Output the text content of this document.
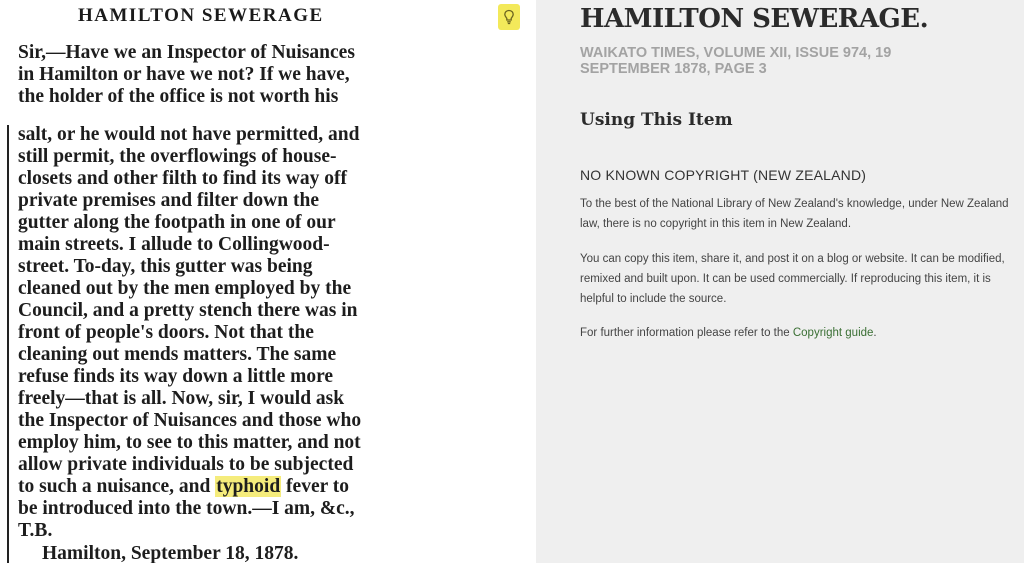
HAMILTON SEWERAGE
Sir,—Have we an Inspector of Nuisances
in Hamilton or have we not? If we have,
the holder of the office is not worth his
salt, or he would not have permitted, and
still permit, the overflowings of house-
closets and other filth to find its way off
private premises and filter down the
gutter along the footpath in one of our
main streets. I allude to Collingwood-
street. To-day, this gutter was being
cleaned out by the men employed by the
Council, and a pretty stench there was in
front of people's doors. Not that the
cleaning out mends matters. The same
refuse finds its way down a little more
freely—that is all. Now, sir, I would ask
the Inspector of Nuisances and those who
employ him, to see to this matter, and not
allow private individuals to be subjected
to such a nuisance, and typhoid fever to
be introduced into the town.—I am, &c.,
T.B.
Hamilton, September 18, 1878.
HAMILTON SEWERAGE.
WAIKATO TIMES, VOLUME XII, ISSUE 974, 19 SEPTEMBER 1878, PAGE 3
Using This Item
NO KNOWN COPYRIGHT (NEW ZEALAND)
To the best of the National Library of New Zealand's knowledge, under New Zealand law, there is no copyright in this item in New Zealand.
You can copy this item, share it, and post it on a blog or website. It can be modified, remixed and built upon. It can be used commercially. If reproducing this item, it is helpful to include the source.
For further information please refer to the Copyright guide.
